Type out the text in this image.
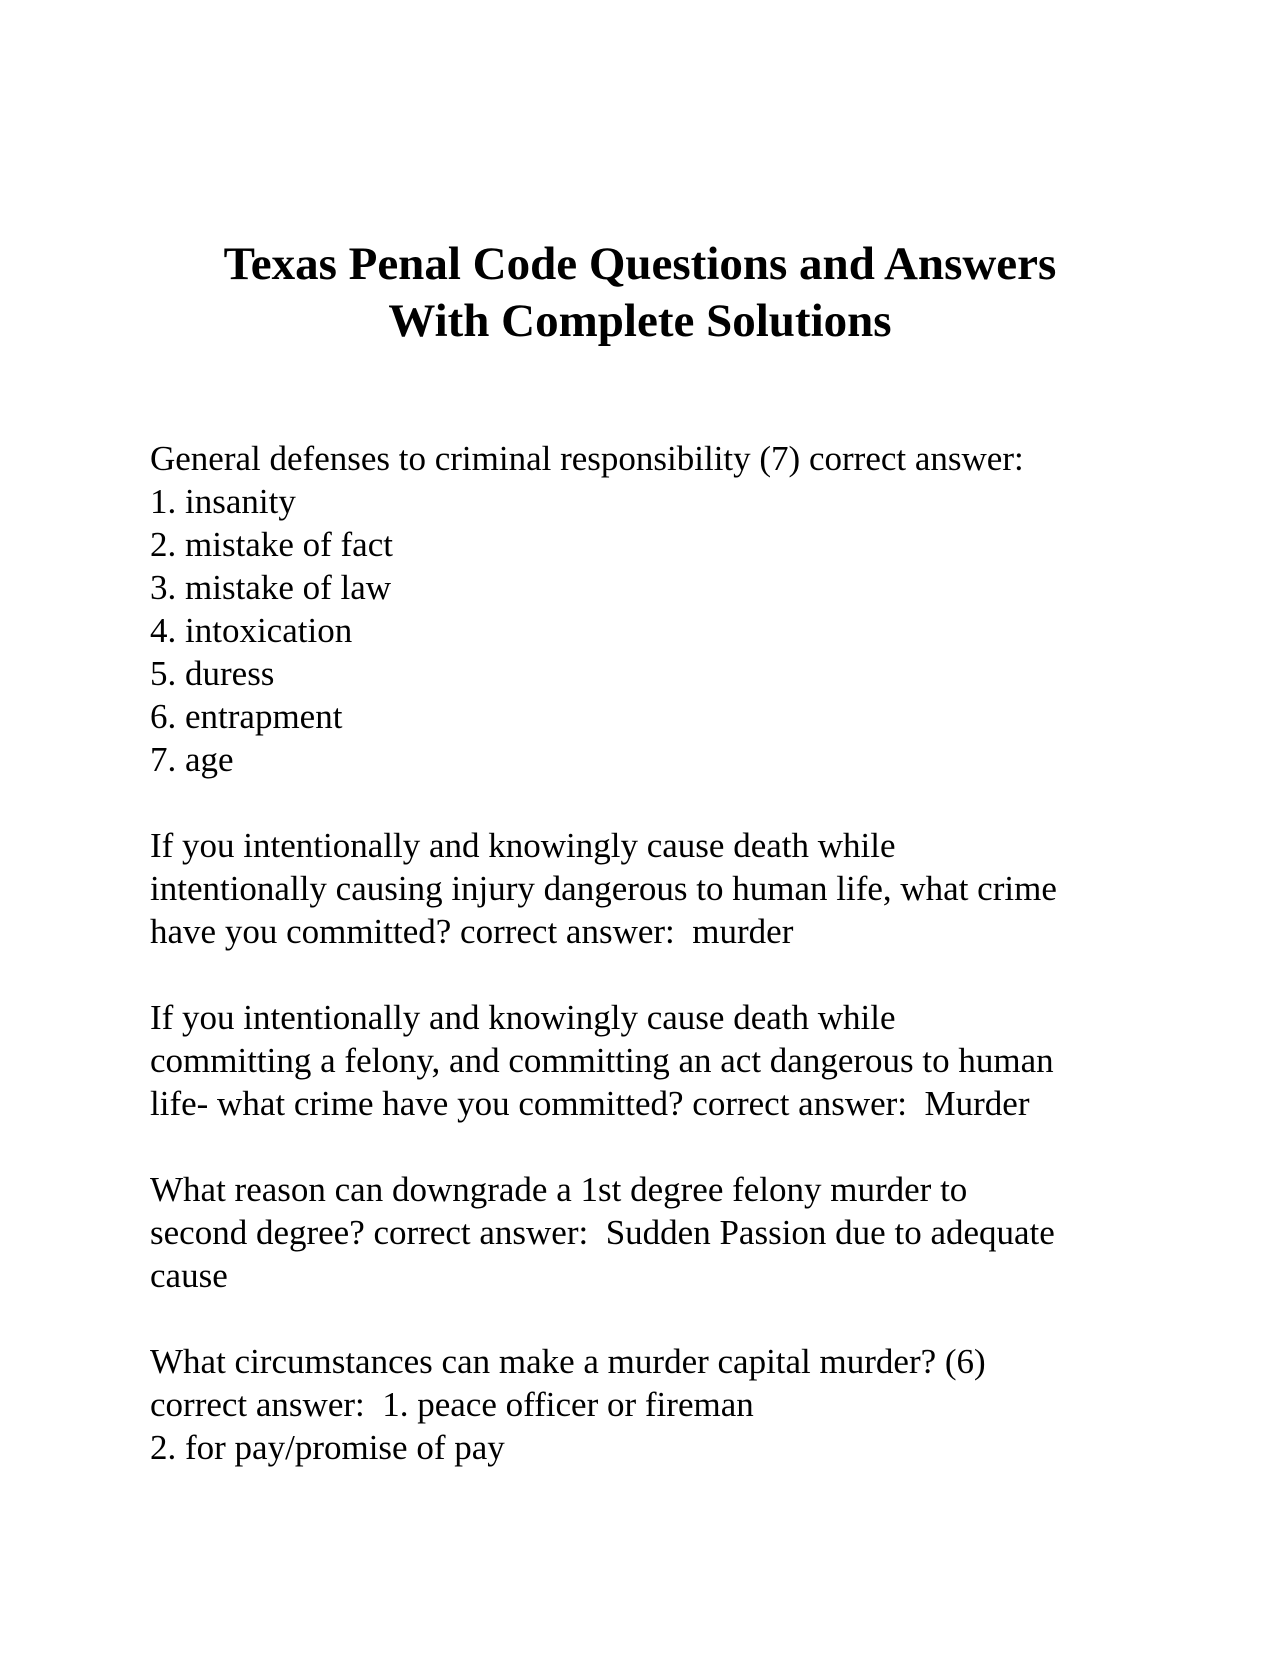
Texas Penal Code Questions and Answers
With Complete Solutions
General defenses to criminal responsibility (7) correct answer:
1. insanity
2. mistake of fact
3. mistake of law
4. intoxication
5. duress
6. entrapment
7. age
If you intentionally and knowingly cause death while
intentionally causing injury dangerous to human life, what crime
have you committed? correct answer:  murder
If you intentionally and knowingly cause death while
committing a felony, and committing an act dangerous to human
life- what crime have you committed? correct answer:  Murder
What reason can downgrade a 1st degree felony murder to
second degree? correct answer:  Sudden Passion due to adequate
cause
What circumstances can make a murder capital murder? (6)
correct answer:  1. peace officer or fireman
2. for pay/promise of pay
